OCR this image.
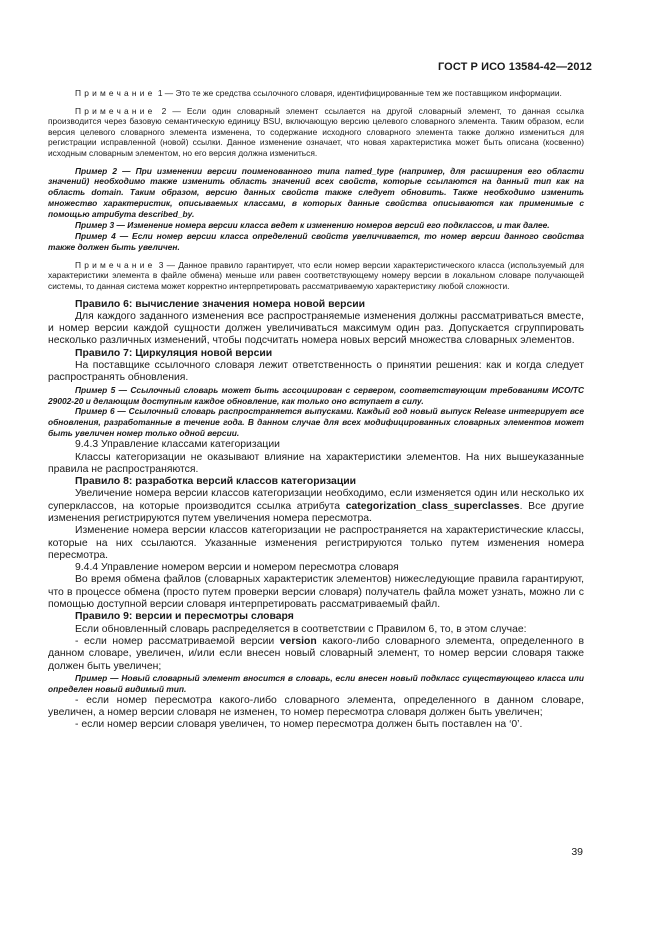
ГОСТ Р ИСО 13584-42—2012

Примечание 1 — Это те же средства ссылочного словаря, идентифицированные тем же поставщиком информации.

Примечание 2 — Если один словарный элемент ссылается на другой словарный элемент, то данная ссылка производится через базовую семантическую единицу BSU, включающую версию целевого словарного элемента. Таким образом, если версия целевого словарного элемента изменена, то содержание исходного словарного элемента также должно измениться для регистрации исправленной (новой) ссылки. Данное изменение означает, что новая характеристика может быть описана (косвенно) исходным словарным элементом, но его версия должна измениться.

Пример 2 — При изменении версии поименованного типа named_type (например, для расширения его области значений) необходимо также изменить область значений всех свойств, которые ссылаются на данный тип как на область domain. Таким образом, версию данных свойств также следует обновить. Также необходимо изменить множество характеристик, описываемых классами, в которых данные свойства описываются как применимые с помощью атрибута described_by.

Пример 3 — Изменение номера версии класса ведет к изменению номеров версий его подклассов, и так далее.

Пример 4 — Если номер версии класса определений свойств увеличивается, то номер версии данного свойства также должен быть увеличен.

Примечание 3 — Данное правило гарантирует, что если номер версии характеристического класса (используемый для характеристики элемента в файле обмена) меньше или равен соответствующему номеру версии в локальном словаре получающей системы, то данная система может корректно интерпретировать рассматриваемую характеристику любой сложности.

Правило 6: вычисление значения номера новой версии

Для каждого заданного изменения все распространяемые изменения должны рассматриваться вместе, и номер версии каждой сущности должен увеличиваться максимум один раз. Допускается сгруппировать несколько различных изменений, чтобы подсчитать номера новых версий множества словарных элементов.

Правило 7: Циркуляция новой версии

На поставщике ссылочного словаря лежит ответственность о принятии решения: как и когда следует распространять обновления.

Пример 5 — Ссылочный словарь может быть ассоциирован с сервером, соответствующим требованиям ИСО/ТС 29002-20 и делающим доступным каждое обновление, как только оно вступает в силу.

Пример 6 — Ссылочный словарь распространяется выпусками. Каждый год новый выпуск Release интегрирует все обновления, разработанные в течение года. В данном случае для всех модифицированных словарных элементов может быть увеличен номер только одной версии.

9.4.3 Управление классами категоризации

Классы категоризации не оказывают влияние на характеристики элементов. На них вышеуказанные правила не распространяются.

Правило 8: разработка версий классов категоризации

Увеличение номера версии классов категоризации необходимо, если изменяется один или несколько их суперклассов, на которые производится ссылка атрибута categorization_class_superclasses. Все другие изменения регистрируются путем увеличения номера пересмотра.

Изменение номера версии классов категоризации не распространяется на характеристические классы, которые на них ссылаются. Указанные изменения регистрируются только путем изменения номера пересмотра.

9.4.4 Управление номером версии и номером пересмотра словаря

Во время обмена файлов (словарных характеристик элементов) нижеследующие правила гарантируют, что в процессе обмена (просто путем проверки версии словаря) получатель файла может узнать, можно ли с помощью доступной версии словаря интерпретировать рассматриваемый файл.

Правило 9: версии и пересмотры словаря

Если обновленный словарь распределяется в соответствии с Правилом 6, то, в этом случае:

- если номер рассматриваемой версии version какого-либо словарного элемента, определенного в данном словаре, увеличен, и/или если внесен новый словарный элемент, то номер версии словаря также должен быть увеличен;

Пример — Новый словарный элемент вносится в словарь, если внесен новый подкласс существующего класса или определен новый видимый тип.

- если номер пересмотра какого-либо словарного элемента, определенного в данном словаре, увеличен, а номер версии словаря не изменен, то номер пересмотра словаря должен быть увеличен;

- если номер версии словаря увеличен, то номер пересмотра должен быть поставлен на ‘0’.

39
